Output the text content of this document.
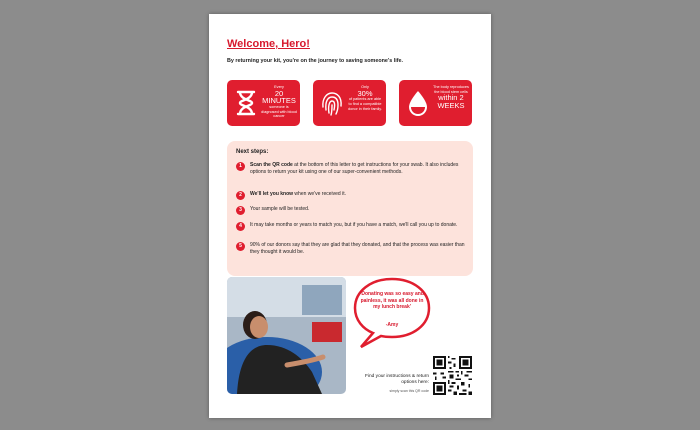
Welcome, Hero!
By returning your kit, you're on the journey to saving someone's life.
Every
20 MINUTES
someone is diagnosed with blood cancer
Only
30%
of patients are able to find a compatible donor in their family.
The body reproduces the blood stem cells
within 2 WEEKS
Next steps:
1	Scan the QR code at the bottom of this letter to get instructions for your swab. It also includes options to return your kit using one of our super-convenient methods.
2	We'll let you know when we've received it.
3	Your sample will be tested.
4	It may take months or years to match you, but if you have a match, we'll call you up to donate.
5	90% of our donors say that they are glad that they donated, and that the process was easier than they thought it would be.
'Donating was so easy and painless, it was all done in my lunch break'
-Amy
Find your instructions & return options here:
simply scan this QR code
